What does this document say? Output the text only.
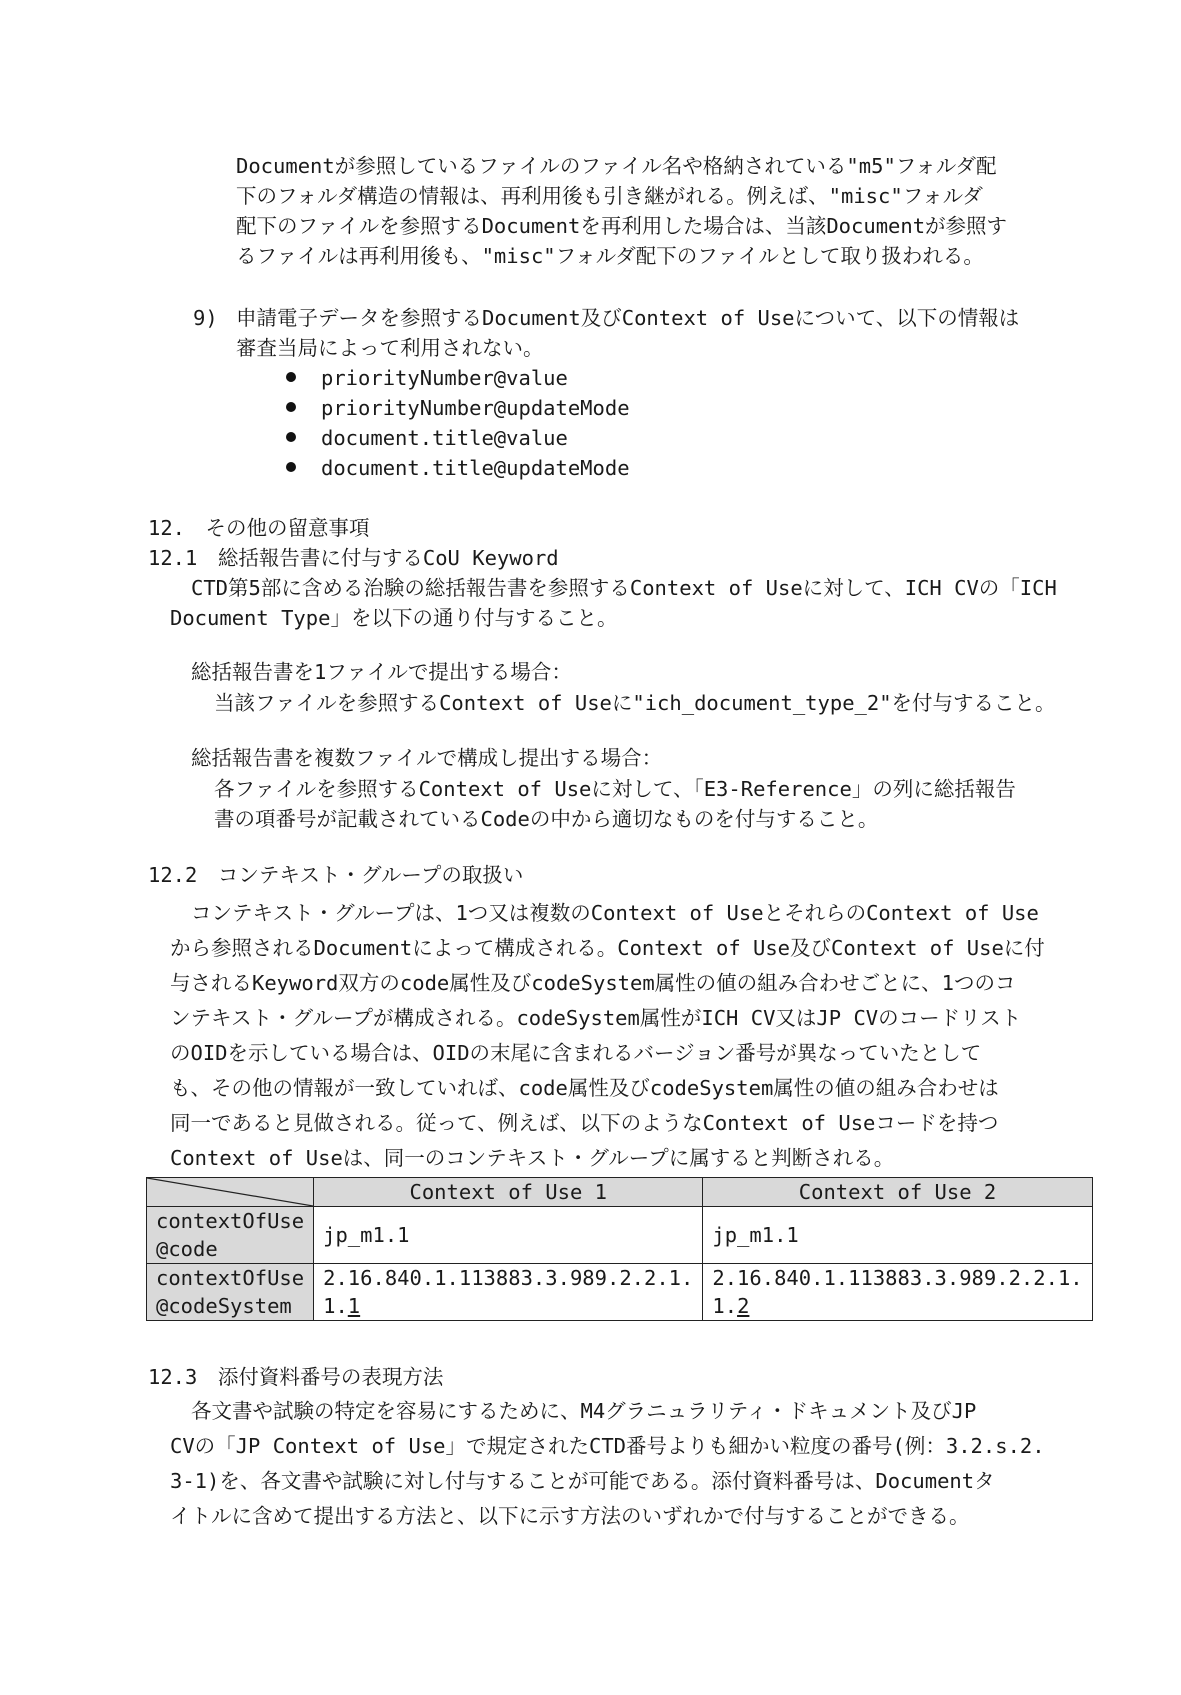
Documentが参照しているファイルのファイル名や格納されている"m5"フォルダ配
下のフォルダ構造の情報は、再利用後も引き継がれる。例えば、"misc"フォルダ
配下のファイルを参照するDocumentを再利用した場合は、当該Documentが参照す
るファイルは再利用後も、"misc"フォルダ配下のファイルとして取り扱われる。
9) 申請電子データを参照するDocument及びContext of Useについて、以下の情報は
審査当局によって利用されない。
priorityNumber@value
priorityNumber@updateMode
document.title@value
document.title@updateMode
12.　その他の留意事項
12.1　総括報告書に付与するCoU Keyword
CTD第5部に含める治験の総括報告書を参照するContext of Useに対して、ICH CVの「ICH
Document Type」を以下の通り付与すること。
総括報告書を1ファイルで提出する場合：
当該ファイルを参照するContext of Useに"ich_document_type_2"を付与すること。
総括報告書を複数ファイルで構成し提出する場合：
各ファイルを参照するContext of Useに対して、「E3-Reference」の列に総括報告
書の項番号が記載されているCodeの中から適切なものを付与すること。
12.2　コンテキスト・グループの取扱い
コンテキスト・グループは、1つ又は複数のContext of UseとそれらのContext of Use
から参照されるDocumentによって構成される。Context of Use及びContext of Useに付
与されるKeyword双方のcode属性及びcodeSystem属性の値の組み合わせごとに、1つのコ
ンテキスト・グループが構成される。codeSystem属性がICH CV又はJP CVのコードリスト
のOIDを示している場合は、OIDの末尾に含まれるバージョン番号が異なっていたとして
も、その他の情報が一致していれば、code属性及びcodeSystem属性の値の組み合わせは
同一であると見做される。従って、例えば、以下のようなContext of Useコードを持つ
Context of Useは、同一のコンテキスト・グループに属すると判断される。
	Context of Use 1	Context of Use 2
contextOfUse
@code	jp_m1.1	jp_m1.1
contextOfUse
@codeSystem	2.16.840.1.113883.3.989.2.2.1.
1.1	2.16.840.1.113883.3.989.2.2.1.
1.2
12.3　添付資料番号の表現方法
各文書や試験の特定を容易にするために、M4グラニュラリティ・ドキュメント及びJP
CVの「JP Context of Use」で規定されたCTD番号よりも細かい粒度の番号(例：3.2.s.2.
3-1)を、各文書や試験に対し付与することが可能である。添付資料番号は、Documentタ
イトルに含めて提出する方法と、以下に示す方法のいずれかで付与することができる。
